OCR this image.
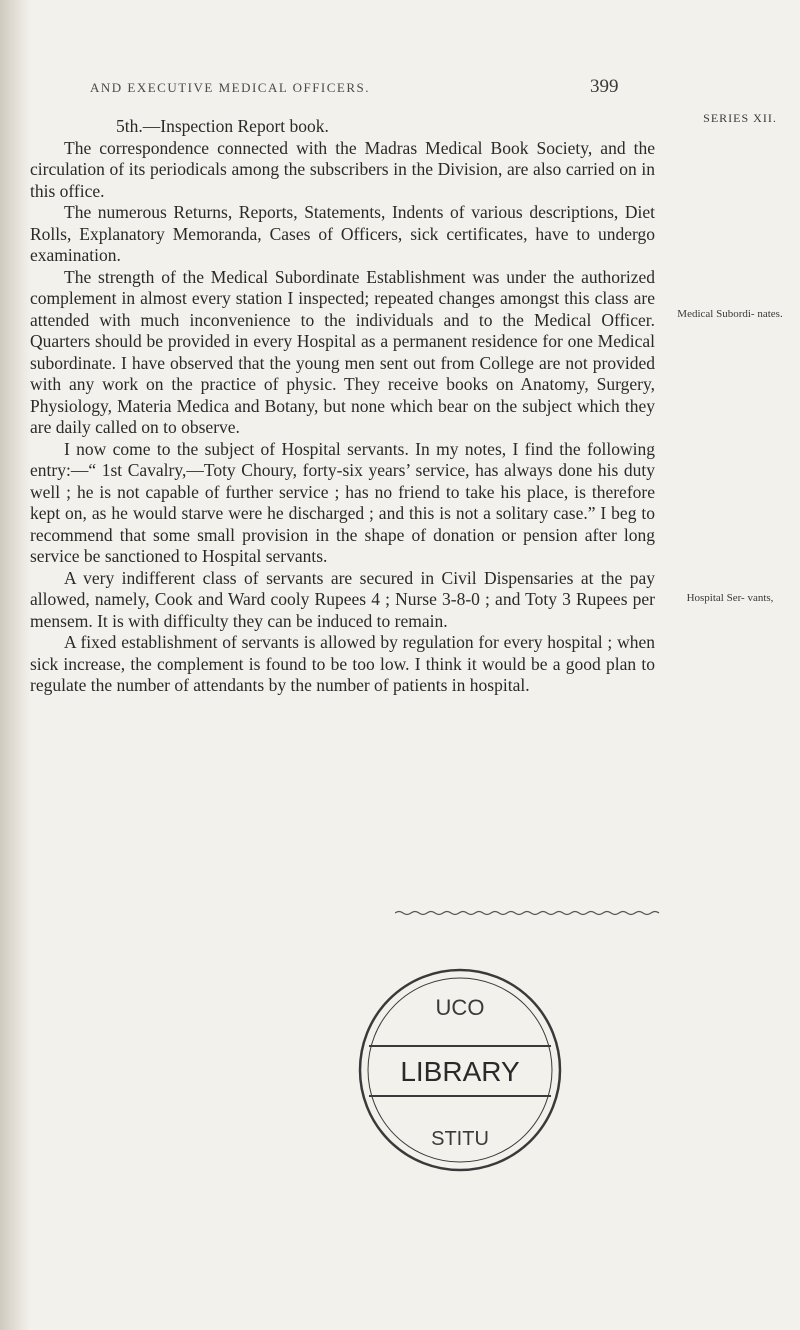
AND EXECUTIVE MEDICAL OFFICERS.	399

5th.—Inspection Report book.

The correspondence connected with the Madras Medical Book Society, and the circulation of its periodicals among the subscribers in the Division, are also carried on in this office.

The numerous Returns, Reports, Statements, Indents of various descriptions, Diet Rolls, Explanatory Memoranda, Cases of Officers, sick certificates, have to undergo examination.

The strength of the Medical Subordinate Establishment was under the authorized complement in almost every station I inspected; repeated changes amongst this class are attended with much inconvenience to the individuals and to the Medical Officer. Quarters should be provided in every Hospital as a permanent residence for one Medical subordinate. I have observed that the young men sent out from College are not provided with any work on the practice of physic. They receive books on Anatomy, Surgery, Physiology, Materia Medica and Botany, but none which bear on the subject which they are daily called on to observe.

I now come to the subject of Hospital servants. In my notes, I find the following entry:—“ 1st Cavalry,—Toty Choury, forty-six years’ service, has always done his duty well ; he is not capable of further service ; has no friend to take his place, is therefore kept on, as he would starve were he discharged ; and this is not a solitary case.” I beg to recommend that some small provision in the shape of donation or pension after long service be sanctioned to Hospital servants.

A very indifferent class of servants are secured in Civil Dispensaries at the pay allowed, namely, Cook and Ward cooly Rupees 4 ; Nurse 3-8-0 ; and Toty 3 Rupees per mensem. It is with difficulty they can be induced to remain.

A fixed establishment of servants is allowed by regulation for every hospital ; when sick increase, the complement is found to be too low. I think it would be a good plan to regulate the number of attendants by the number of patients in hospital.

SERIES XII.
Medical Subordi- nates.
Hospital Ser- vants,
UCO
LIBRARY
STITU
